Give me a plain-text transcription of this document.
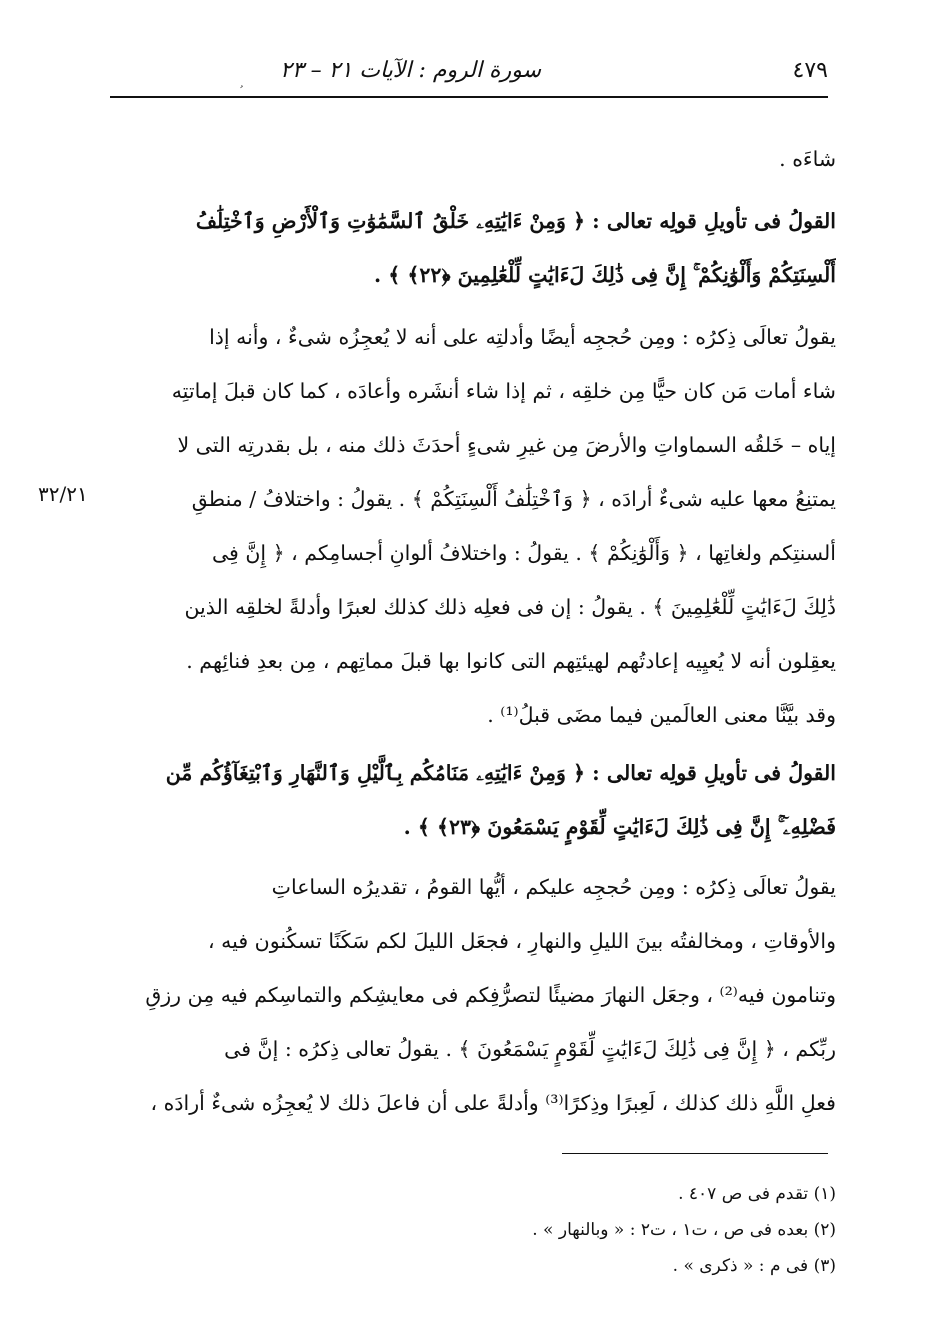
٤٧٩
سورة الروم : الآيات ٢١ – ٢٣
ﹸ
شاءَه .
القولُ فى تأويلِ قولِه تعالى : ﴿ وَمِنْ ءَايَٰتِهِۦ خَلْقُ ٱلسَّمَٰوَٰتِ وَٱلْأَرْضِ وَٱخْتِلَٰفُ
أَلْسِنَتِكُمْ وَأَلْوَٰنِكُمْ ۚ إِنَّ فِى ذَٰلِكَ لَءَايَٰتٍ لِّلْعَٰلِمِينَ ﴿٢٢﴾ ﴾ .
يقولُ تعالَى ذِكرُه : ومِن حُججِه أيضًا وأدلتِه على أنه لا يُعجِزُه شىءٌ ، وأنه إذا
شاء أمات مَن كان حيًّا مِن خلقِه ، ثم إذا شاء أنشَره وأعادَه ، كما كان قبلَ إماتتِه
إياه – خَلقُه السماواتِ والأرضَ مِن غيرِ شىءٍ أحدَثَ ذلك منه ، بل بقدرتِه التى لا
يمتنِعُ معها عليه شىءٌ أرادَه ، ﴿ وَٱخْتِلَٰفُ أَلْسِنَتِكُمْ ﴾ . يقولُ : واختلافُ / منطقِ
ألسنتِكم ولغاتِها ، ﴿ وَأَلْوَٰنِكُمْ ﴾ . يقولُ : واختلافُ ألوانِ أجسامِكم ، ﴿ إِنَّ فِى
ذَٰلِكَ لَءَايَٰتٍ لِّلْعَٰلِمِينَ ﴾ . يقولُ : إن فى فعلِه ذلك كذلك لعبرًا وأدلةً لخلقِه الذين
يعقِلون أنه لا يُعيِيه إعادتُهم لهيئتِهم التى كانوا بها قبلَ مماتِهم ، مِن بعدِ فنائِهم .
وقد بيَّنَّا معنى العالَمين فيما مضَى قبلُ⁽¹⁾ .
القولُ فى تأويلِ قولِه تعالى : ﴿ وَمِنْ ءَايَٰتِهِۦ مَنَامُكُم بِٱلَّيْلِ وَٱلنَّهَارِ وَٱبْتِغَآؤُكُم مِّن
فَضْلِهِۦٓ ۚ إِنَّ فِى ذَٰلِكَ لَءَايَٰتٍ لِّقَوْمٍ يَسْمَعُونَ ﴿٢٣﴾ ﴾ .
يقولُ تعالَى ذِكرُه : ومِن حُججِه عليكم ، أيُّها القومُ ، تقديرُه الساعاتِ
والأوقاتِ ، ومخالفتُه بينَ الليلِ والنهارِ ، فجعَل الليلَ لكم سَكَنًا تسكُنون فيه ،
وتنامون فيه⁽²⁾ ، وجعَل النهارَ مضيئًا لتصرُّفِكم فى معايشِكم والتماسِكم فيه مِن رزقِ
ربِّكم ، ﴿ إِنَّ فِى ذَٰلِكَ لَءَايَٰتٍ لِّقَوْمٍ يَسْمَعُونَ ﴾ . يقولُ تعالى ذِكرُه : إنَّ فى
فعلِ اللَّهِ ذلك كذلك ، لَعِبرًا وذِكرًا⁽³⁾ وأدلةً على أن فاعلَ ذلك لا يُعجِزُه شىءٌ أرادَه ،
٣٢/٢١
(١) تقدم فى ص ٤٠٧ .
(٢) بعده فى ص ، ت١ ، ت٢ : « وبالنهار » .
(٣) فى م : « ذكرى » .
